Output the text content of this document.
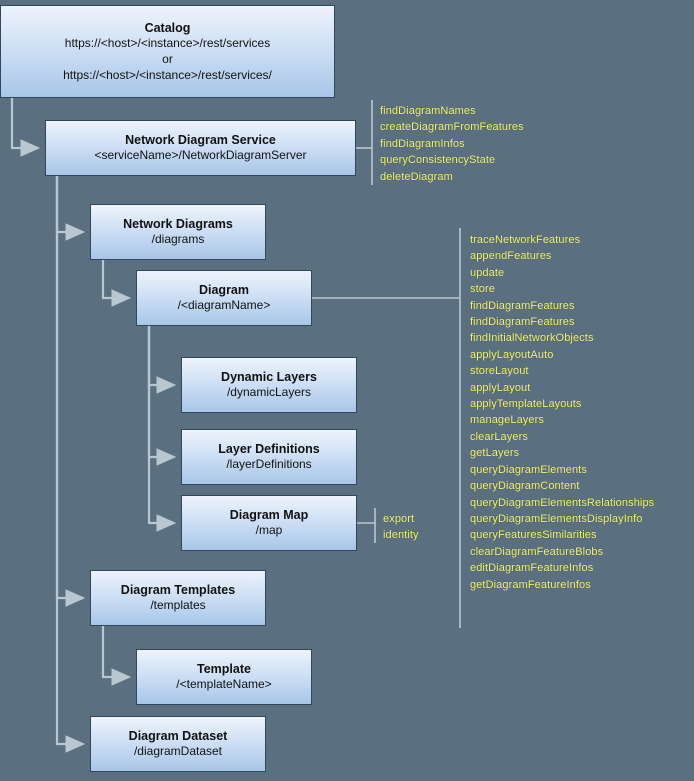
Catalog
https://<host>/<instance>/rest/services
or
https://<host>/<instance>/rest/services/
Network Diagram Service
<serviceName>/NetworkDiagramServer
Network Diagrams
/diagrams
Diagram
/<diagramName>
Dynamic Layers
/dynamicLayers
Layer Definitions
/layerDefinitions
Diagram Map
/map
Diagram Templates
/templates
Template
/<templateName>
Diagram Dataset
/diagramDataset
findDiagramNames
createDiagramFromFeatures
findDiagramInfos
queryConsistencyState
deleteDiagram
traceNetworkFeatures
appendFeatures
update
store
findDiagramFeatures
findDiagramFeatures
findInitialNetworkObjects
applyLayoutAuto
storeLayout
applyLayout
applyTemplateLayouts
manageLayers
clearLayers
getLayers
queryDiagramElements
queryDiagramContent
queryDiagramElementsRelationships
queryDiagramElementsDisplayInfo
queryFeaturesSimilarities
clearDiagramFeatureBlobs
editDiagramFeatureInfos
getDiagramFeatureInfos
export
identity
